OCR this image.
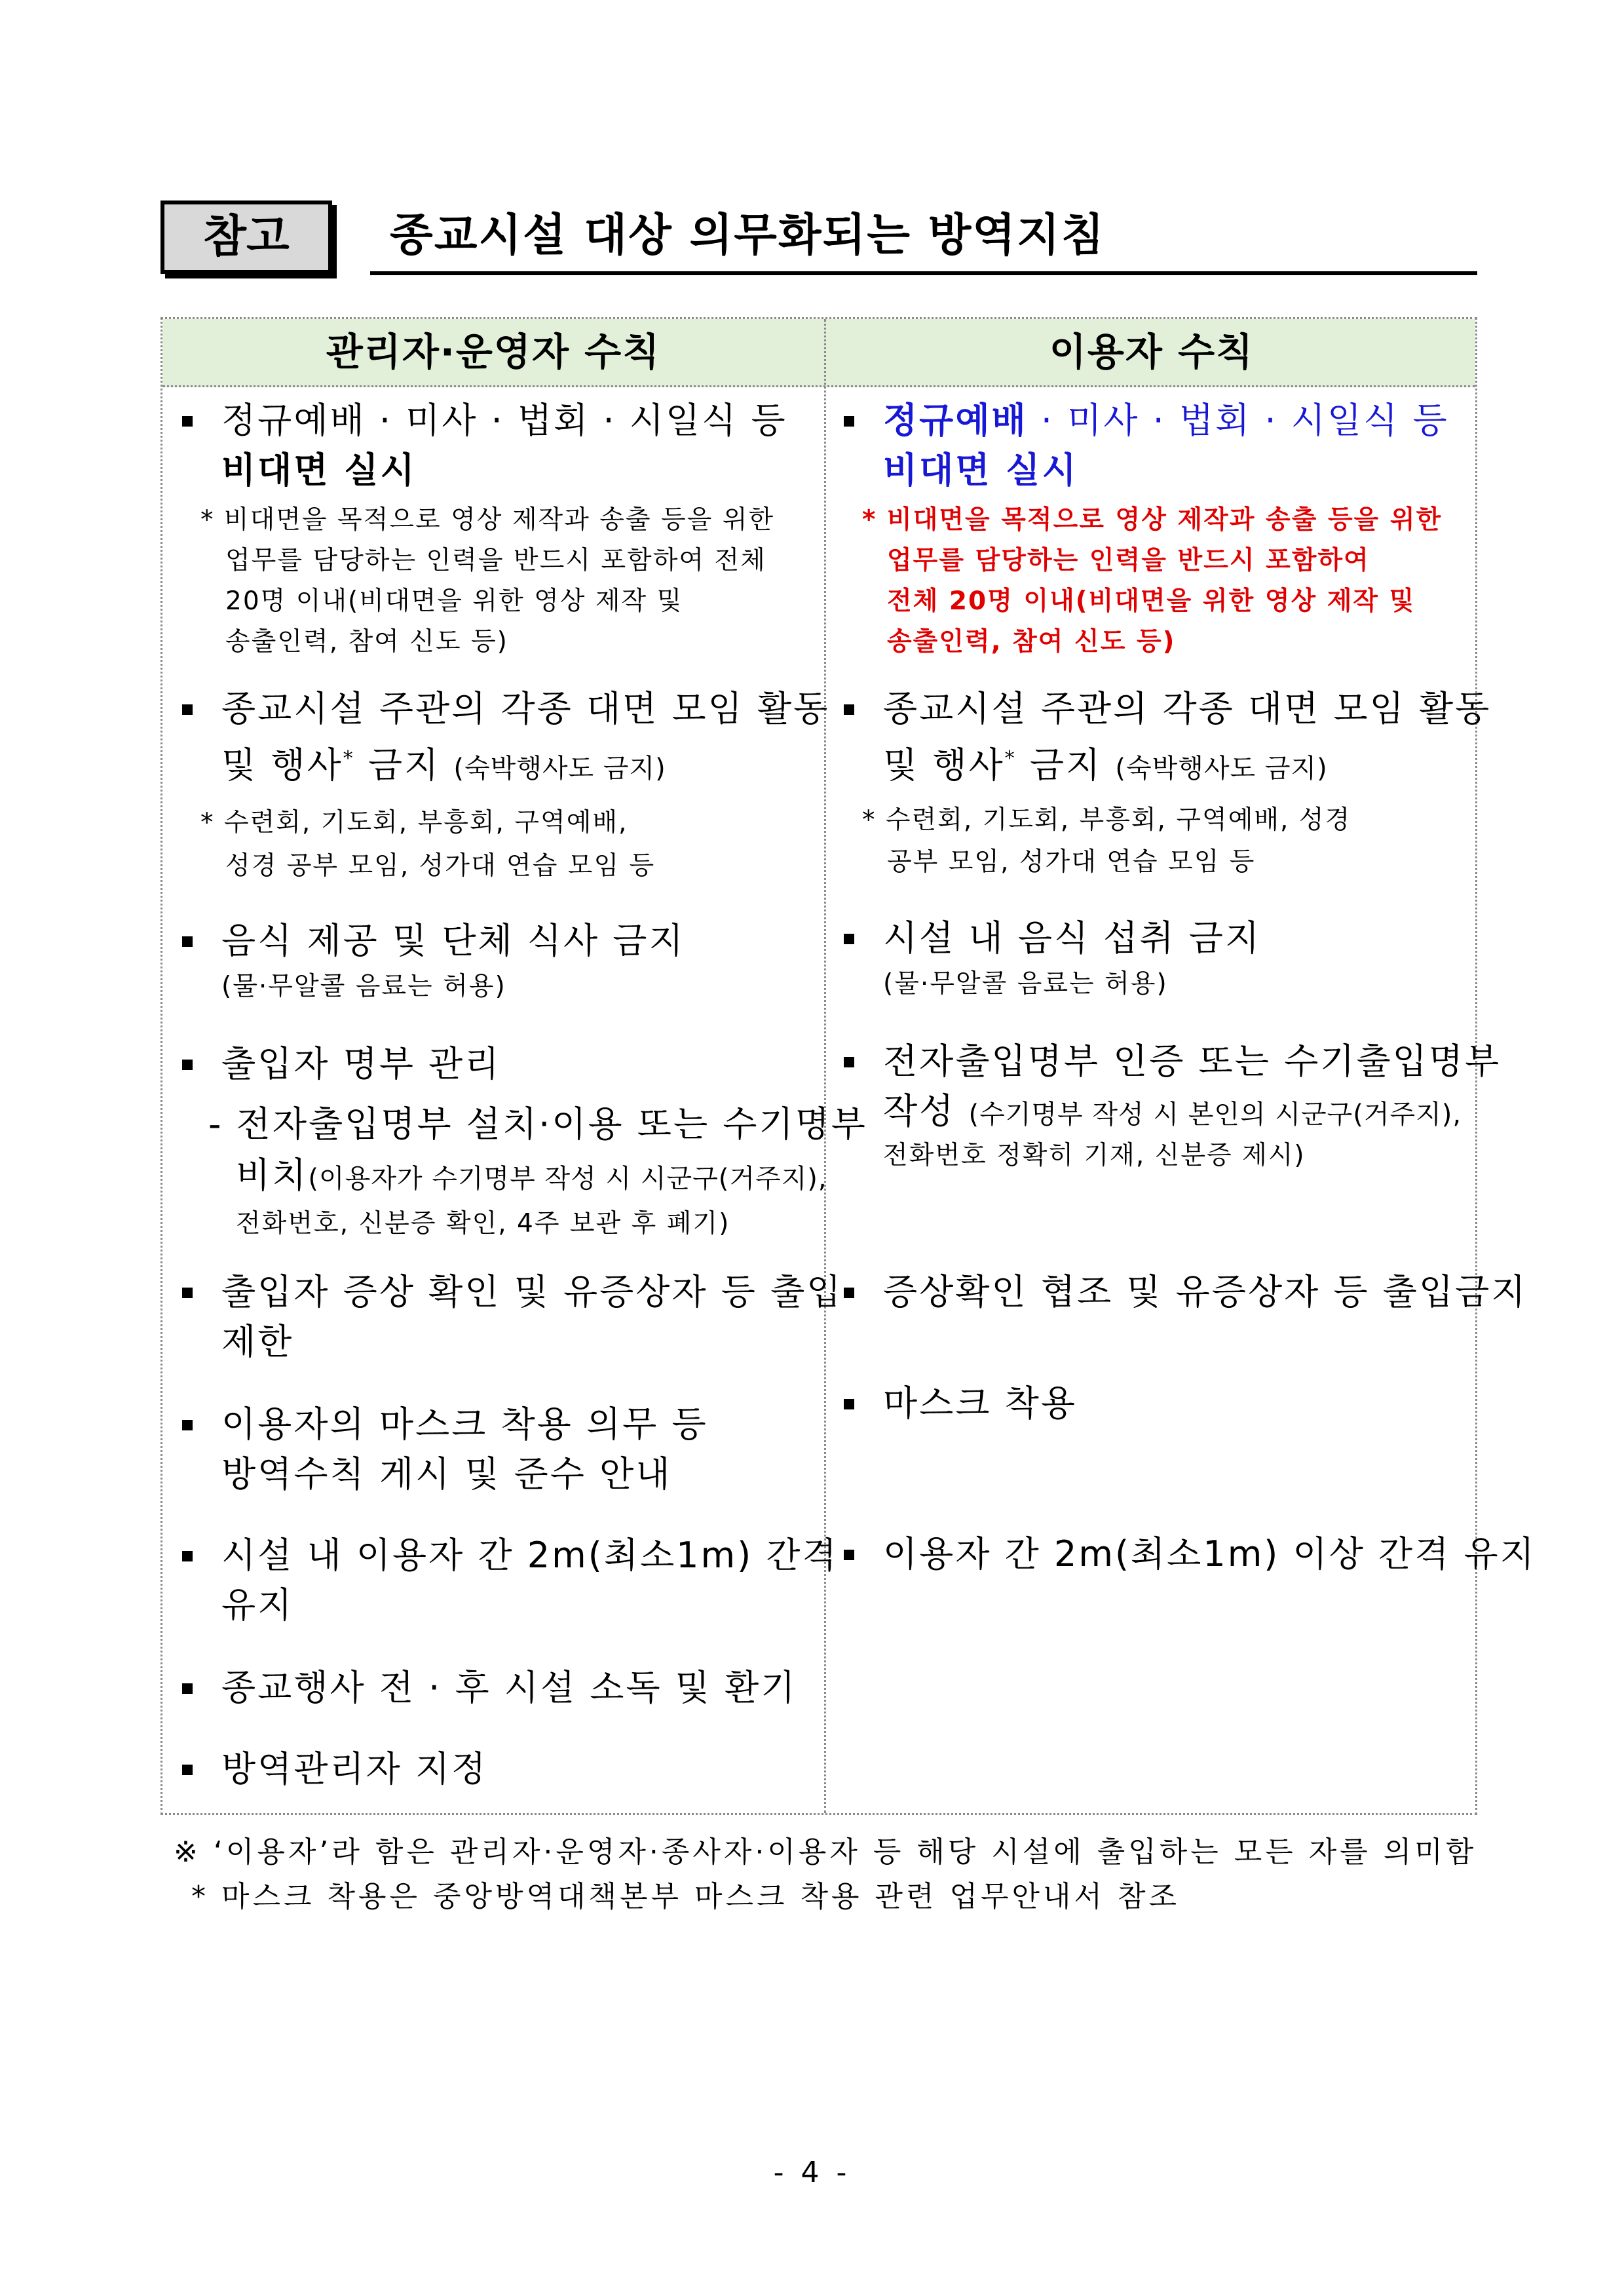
참고	종교시설 대상 의무화되는 방역지침
관리자·운영자 수칙	이용자 수칙
정규예배 · 미사 · 법회 · 시일식 등
비대면 실시
* 비대면을 목적으로 영상 제작과 송출 등을 위한
업무를 담당하는 인력을 반드시 포함하여 전체
20명 이내(비대면을 위한 영상 제작 및
송출인력, 참여 신도 등)
종교시설 주관의 각종 대면 모임 활동
및 행사* 금지 (숙박행사도 금지)
* 수련회, 기도회, 부흥회, 구역예배,
성경 공부 모임, 성가대 연습 모임 등
음식 제공 및 단체 식사 금지
(물·무알콜 음료는 허용)
출입자 명부 관리
- 전자출입명부 설치·이용 또는 수기명부
비치(이용자가 수기명부 작성 시 시군구(거주지),
전화번호, 신분증 확인, 4주 보관 후 폐기)
출입자 증상 확인 및 유증상자 등 출입
제한
이용자의 마스크 착용 의무 등
방역수칙 게시 및 준수 안내
시설 내 이용자 간 2m(최소1m) 간격
유지
종교행사 전 · 후 시설 소독 및 환기
방역관리자 지정
정규예배 · 미사 · 법회 · 시일식 등
비대면 실시
* 비대면을 목적으로 영상 제작과 송출 등을 위한
업무를 담당하는 인력을 반드시 포함하여
전체 20명 이내(비대면을 위한 영상 제작 및
송출인력, 참여 신도 등)
종교시설 주관의 각종 대면 모임 활동
및 행사* 금지 (숙박행사도 금지)
* 수련회, 기도회, 부흥회, 구역예배, 성경
공부 모임, 성가대 연습 모임 등
시설 내 음식 섭취 금지
(물·무알콜 음료는 허용)
전자출입명부 인증 또는 수기출입명부
작성 (수기명부 작성 시 본인의 시군구(거주지),
전화번호 정확히 기재, 신분증 제시)
증상확인 협조 및 유증상자 등 출입금지
마스크 착용
이용자 간 2m(최소1m) 이상 간격 유지
※ ‘이용자’라 함은 관리자·운영자·종사자·이용자 등 해당 시설에 출입하는 모든 자를 의미함
* 마스크 착용은 중앙방역대책본부 마스크 착용 관련 업무안내서 참조
- 4 -
